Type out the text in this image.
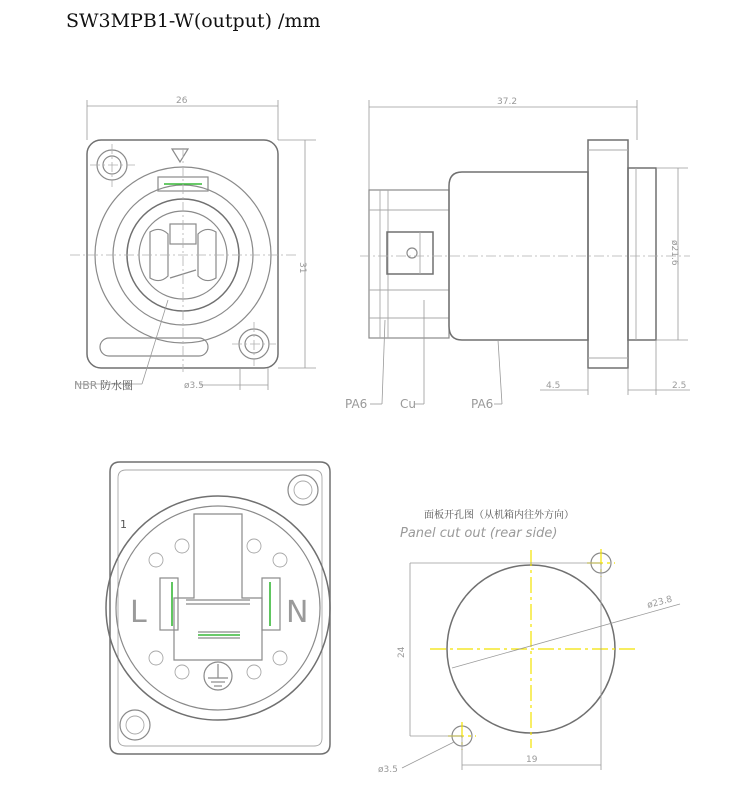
SW3MPB1-W(output) /mm
26
31
ø3.5
NBR 防水圈
37.2
ø21.6
4.5	2.5
PA6	Cu	PA6
1
L	N
面板开孔图（从机箱内往外方向）
Panel cut out (rear side)
ø23.8
24
19
ø3.5
